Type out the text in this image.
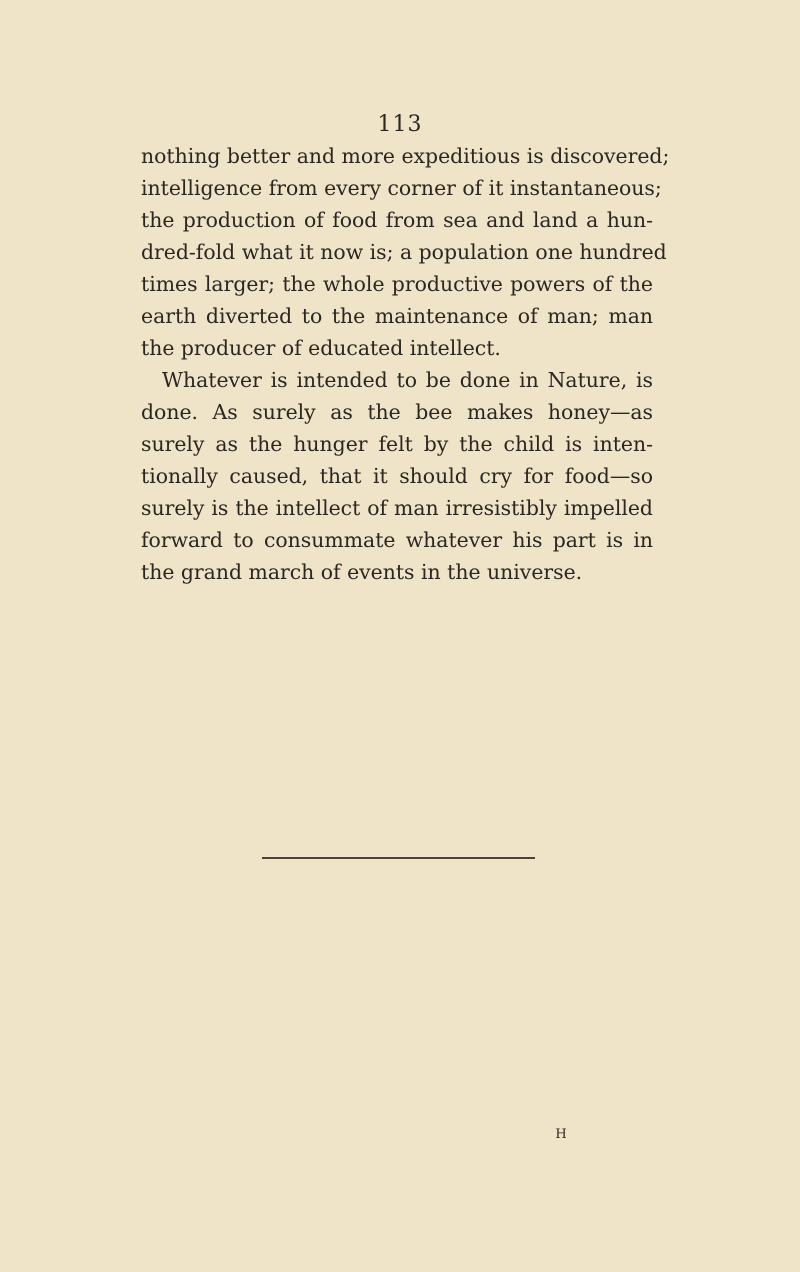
113
nothing better and more expeditious is discovered;
intelligence from every corner of it instantaneous;
the production of food from sea and land a hun-
dred-fold what it now is; a population one hundred
times larger; the whole productive powers of the
earth diverted to the maintenance of man; man
the producer of educated intellect.
Whatever is intended to be done in Nature, is
done. As surely as the bee makes honey—as
surely as the hunger felt by the child is inten-
tionally caused, that it should cry for food—so
surely is the intellect of man irresistibly impelled
forward to consummate whatever his part is in
the grand march of events in the universe.
H
